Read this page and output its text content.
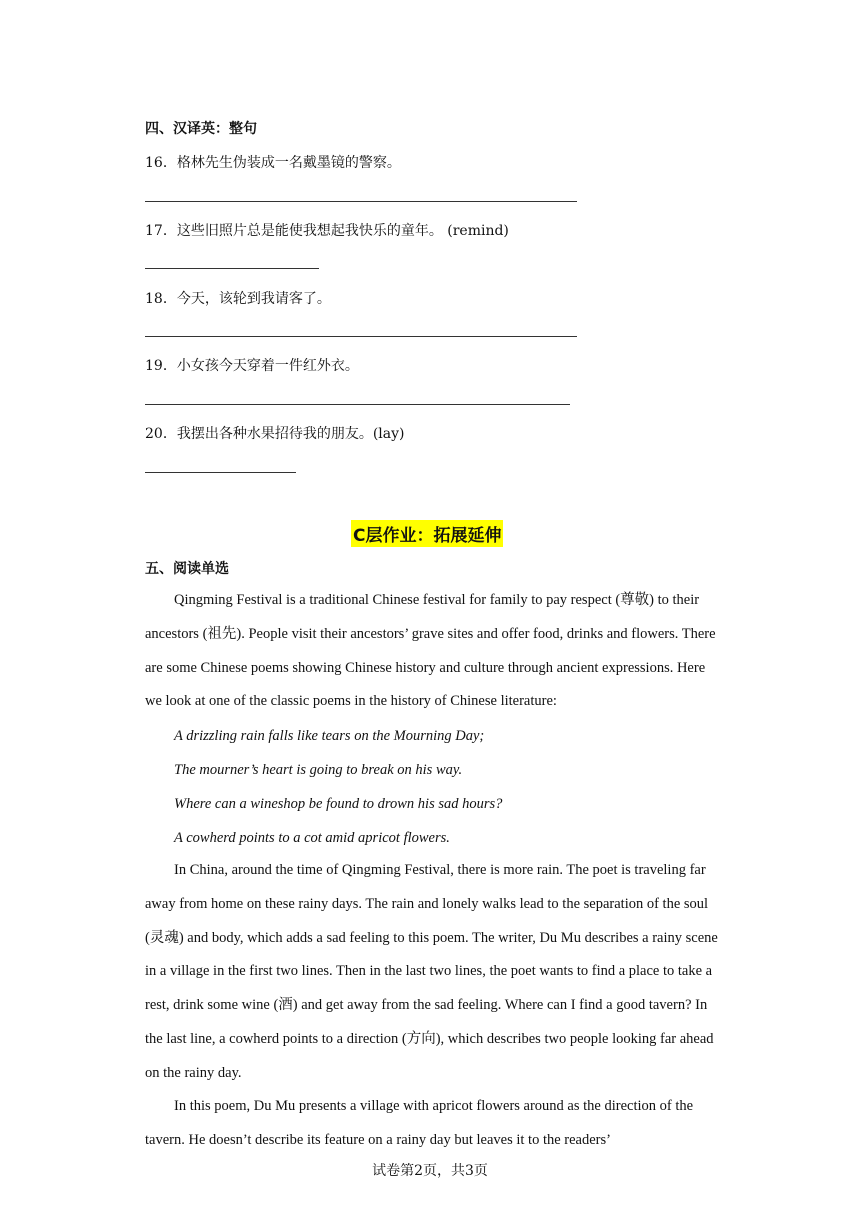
四、汉译英：整句
16．格林先生伪装成一名戴墨镜的警察。
17．这些旧照片总是能使我想起我快乐的童年。 (remind)
18．今天，该轮到我请客了。
19．小女孩今天穿着一件红外衣。
20．我摆出各种水果招待我的朋友。(lay)
C层作业：拓展延伸
五、阅读单选

Qingming Festival is a traditional Chinese festival for family to pay respect (尊敬) to their ancestors (祖先). People visit their ancestors’ grave sites and offer food, drinks and flowers. There are some Chinese poems showing Chinese history and culture through ancient expressions. Here we look at one of the classic poems in the history of Chinese literature:

A drizzling rain falls like tears on the Mourning Day;
The mourner’s heart is going to break on his way.
Where can a wineshop be found to drown his sad hours?
A cowherd points to a cot amid apricot flowers.

In China, around the time of Qingming Festival, there is more rain. The poet is traveling far away from home on these rainy days. The rain and lonely walks lead to the separation of the soul (灵魂) and body, which adds a sad feeling to this poem. The writer, Du Mu describes a rainy scene in a village in the first two lines. Then in the last two lines, the poet wants to find a place to take a rest, drink some wine (酒) and get away from the sad feeling. Where can I find a good tavern? In the last line, a cowherd points to a direction (方向), which describes two people looking far ahead on the rainy day.

In this poem, Du Mu presents a village with apricot flowers around as the direction of the tavern. He doesn’t describe its feature on a rainy day but leaves it to the readers’

试卷第2页，共3页
